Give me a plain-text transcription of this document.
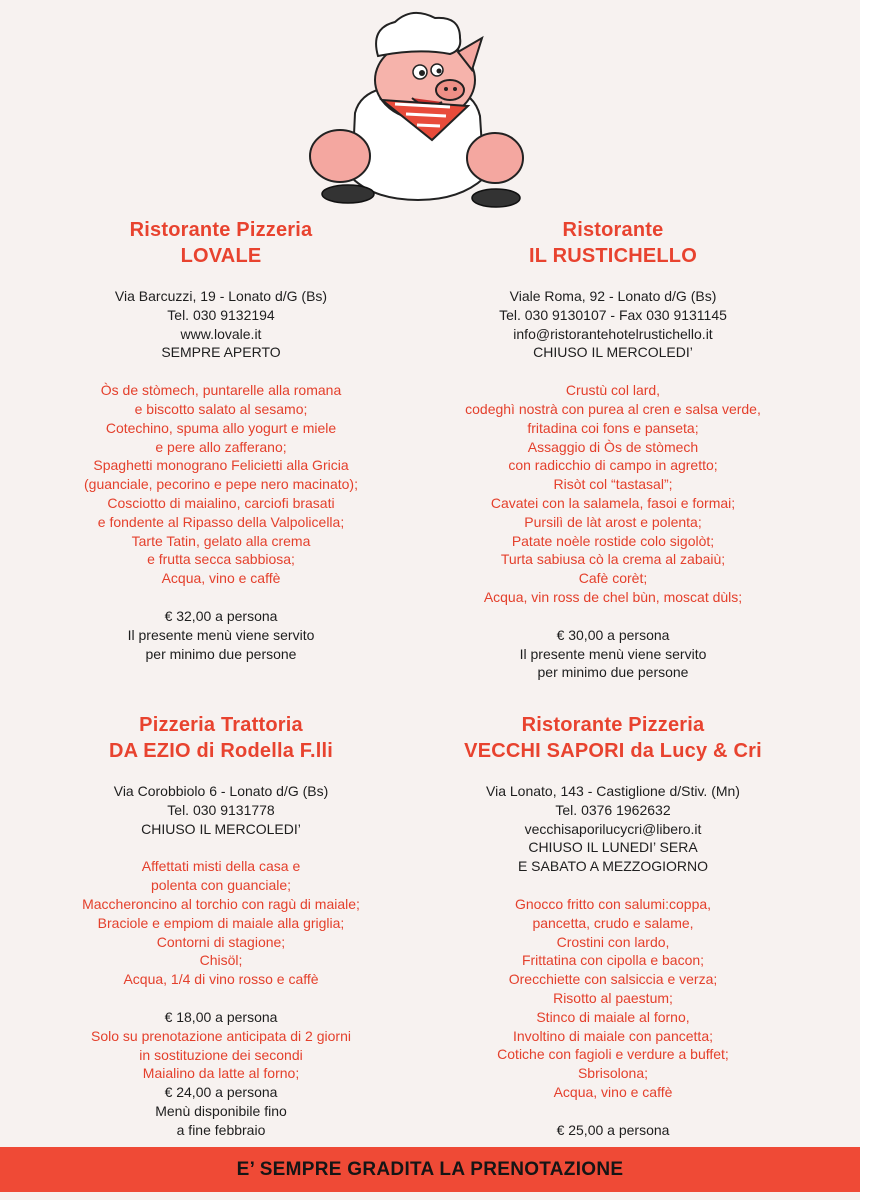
Ristorante Pizzeria
LOVALE
Via Barcuzzi, 19 - Lonato d/G (Bs)
Tel. 030 9132194
www.lovale.it
SEMPRE APERTO
Òs de stòmech, puntarelle alla romana
e biscotto salato al sesamo;
Cotechino, spuma allo yogurt e miele
e pere allo zafferano;
Spaghetti monograno Felicietti alla Gricia
(guanciale, pecorino e pepe nero macinato);
Cosciotto di maialino, carciofi brasati
e fondente al Ripasso della Valpolicella;
Tarte Tatin, gelato alla crema
e frutta secca sabbiosa;
Acqua, vino e caffè
€ 32,00 a persona
Il presente menù viene servito
per minimo due persone
Ristorante
IL RUSTICHELLO
Viale Roma, 92 - Lonato d/G (Bs)
Tel. 030 9130107 - Fax 030 9131145
info@ristorantehotelrustichello.it
CHIUSO IL MERCOLEDI’
Crustù col lard,
codeghì nostrà con purea al cren e salsa verde,
fritadina coi fons e panseta;
Assaggio di Òs de stòmech
con radicchio di campo in agretto;
Risòt col “tastasal”;
Cavatei con la salamela, fasoi e formai;
Pursilì de làt arost e polenta;
Patate noèle rostide colo sigolòt;
Turta sabiusa cò la crema al zabaiù;
Cafè corèt;
Acqua, vin ross de chel bùn, moscat dùls;
€ 30,00 a persona
Il presente menù viene servito
per minimo due persone
Pizzeria Trattoria
DA EZIO di Rodella F.lli
Via Corobbiolo 6 - Lonato d/G (Bs)
Tel. 030 9131778
CHIUSO IL MERCOLEDI’
Affettati misti della casa e
polenta con guanciale;
Maccheroncino al torchio con ragù di maiale;
Braciole e empiom di maiale alla griglia;
Contorni di stagione;
Chisöl;
Acqua, 1/4 di vino rosso e caffè
€ 18,00 a persona
Solo su prenotazione anticipata di 2 giorni
in sostituzione dei secondi
Maialino da latte al forno;
€ 24,00 a persona
Menù disponibile fino
a fine febbraio
Ristorante Pizzeria
VECCHI SAPORI da Lucy & Cri
Via Lonato, 143 - Castiglione d/Stiv. (Mn)
Tel. 0376 1962632
vecchisaporilucycri@libero.it
CHIUSO IL LUNEDI’ SERA
E SABATO A MEZZOGIORNO
Gnocco fritto con salumi:coppa,
pancetta, crudo e salame,
Crostini con lardo,
Frittatina con cipolla e bacon;
Orecchiette con salsiccia e verza;
Risotto al paestum;
Stinco di maiale al forno,
Involtino di maiale con pancetta;
Cotiche con fagioli e verdure a buffet;
Sbrisolona;
Acqua, vino e caffè
€ 25,00 a persona
E’ SEMPRE GRADITA LA PRENOTAZIONE
